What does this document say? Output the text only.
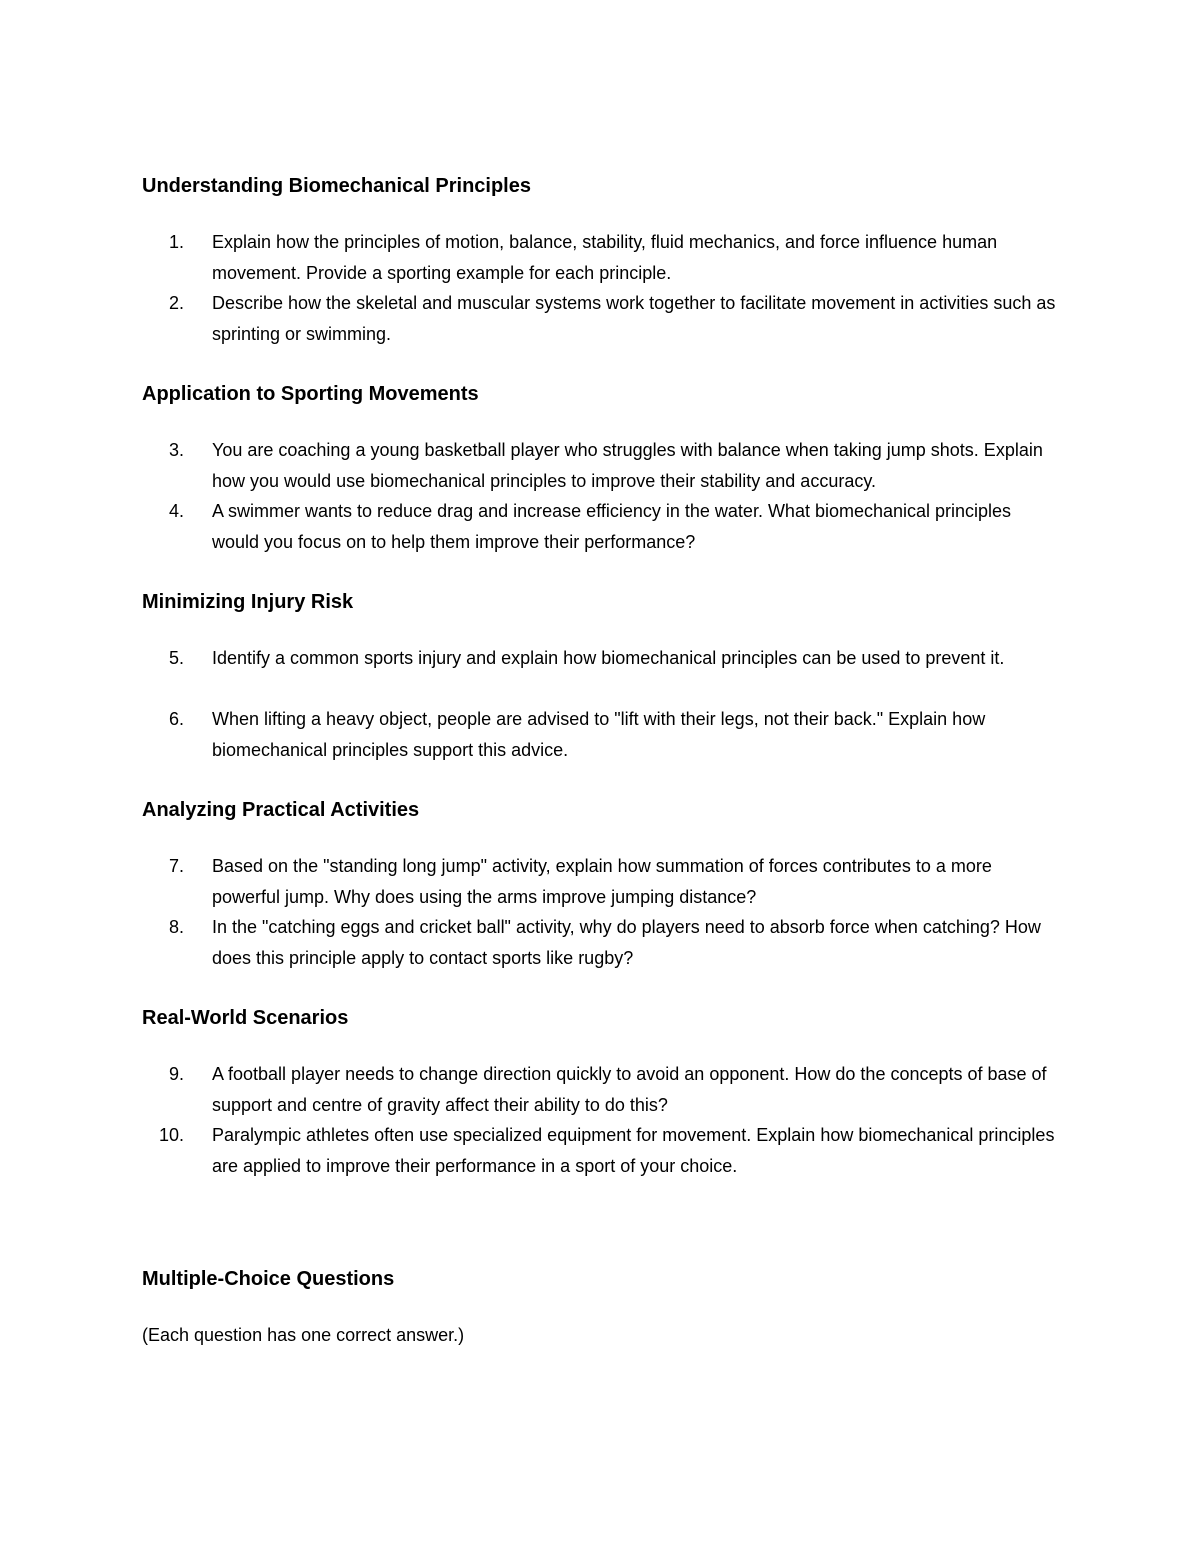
Understanding Biomechanical Principles
1.	Explain how the principles of motion, balance, stability, fluid mechanics, and force influence human movement. Provide a sporting example for each principle.
2.	Describe how the skeletal and muscular systems work together to facilitate movement in activities such as sprinting or swimming.
Application to Sporting Movements
3.	You are coaching a young basketball player who struggles with balance when taking jump shots. Explain how you would use biomechanical principles to improve their stability and accuracy.
4.	A swimmer wants to reduce drag and increase efficiency in the water. What biomechanical principles would you focus on to help them improve their performance?
Minimizing Injury Risk
5.	Identify a common sports injury and explain how biomechanical principles can be used to prevent it.
6.	When lifting a heavy object, people are advised to "lift with their legs, not their back." Explain how biomechanical principles support this advice.
Analyzing Practical Activities
7.	Based on the "standing long jump" activity, explain how summation of forces contributes to a more powerful jump. Why does using the arms improve jumping distance?
8.	In the "catching eggs and cricket ball" activity, why do players need to absorb force when catching? How does this principle apply to contact sports like rugby?
Real-World Scenarios
9.	A football player needs to change direction quickly to avoid an opponent. How do the concepts of base of support and centre of gravity affect their ability to do this?
10.	Paralympic athletes often use specialized equipment for movement. Explain how biomechanical principles are applied to improve their performance in a sport of your choice.
Multiple-Choice Questions
(Each question has one correct answer.)
